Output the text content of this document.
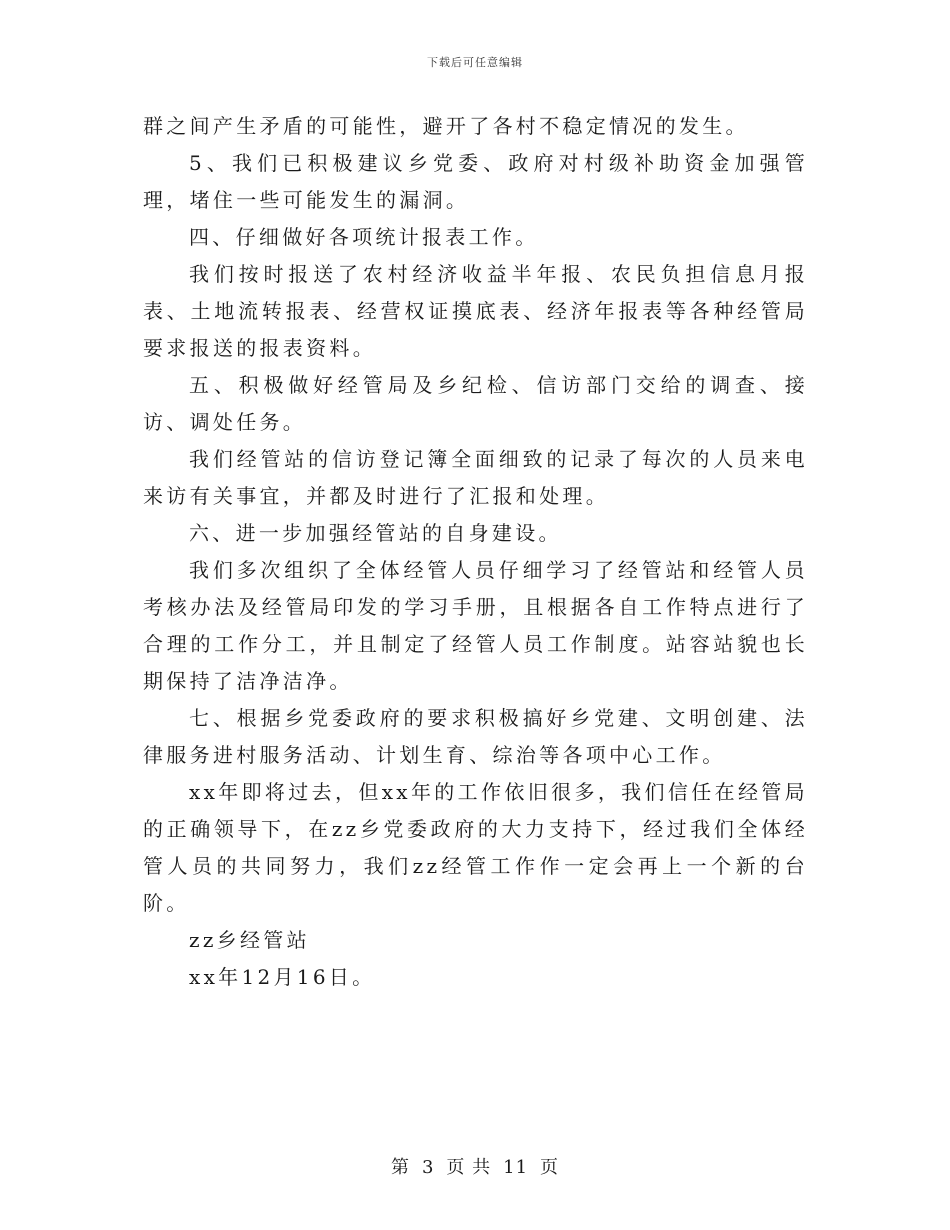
下载后可任意编辑

群之间产生矛盾的可能性，避开了各村不稳定情况的发生。

5、我们已积极建议乡党委、政府对村级补助资金加强管理，堵住一些可能发生的漏洞。

四、仔细做好各项统计报表工作。

我们按时报送了农村经济收益半年报、农民负担信息月报表、土地流转报表、经营权证摸底表、经济年报表等各种经管局要求报送的报表资料。

五、积极做好经管局及乡纪检、信访部门交给的调查、接访、调处任务。

我们经管站的信访登记簿全面细致的记录了每次的人员来电来访有关事宜，并都及时进行了汇报和处理。

六、进一步加强经管站的自身建设。

我们多次组织了全体经管人员仔细学习了经管站和经管人员考核办法及经管局印发的学习手册，且根据各自工作特点进行了合理的工作分工，并且制定了经管人员工作制度。站容站貌也长期保持了洁净洁净。

七、根据乡党委政府的要求积极搞好乡党建、文明创建、法律服务进村服务活动、计划生育、综治等各项中心工作。

xx年即将过去，但xx年的工作依旧很多，我们信任在经管局的正确领导下，在zz乡党委政府的大力支持下，经过我们全体经管人员的共同努力，我们zz经管工作作一定会再上一个新的台阶。

zz乡经管站

xx年12月16日。

第 3 页 共 11 页
